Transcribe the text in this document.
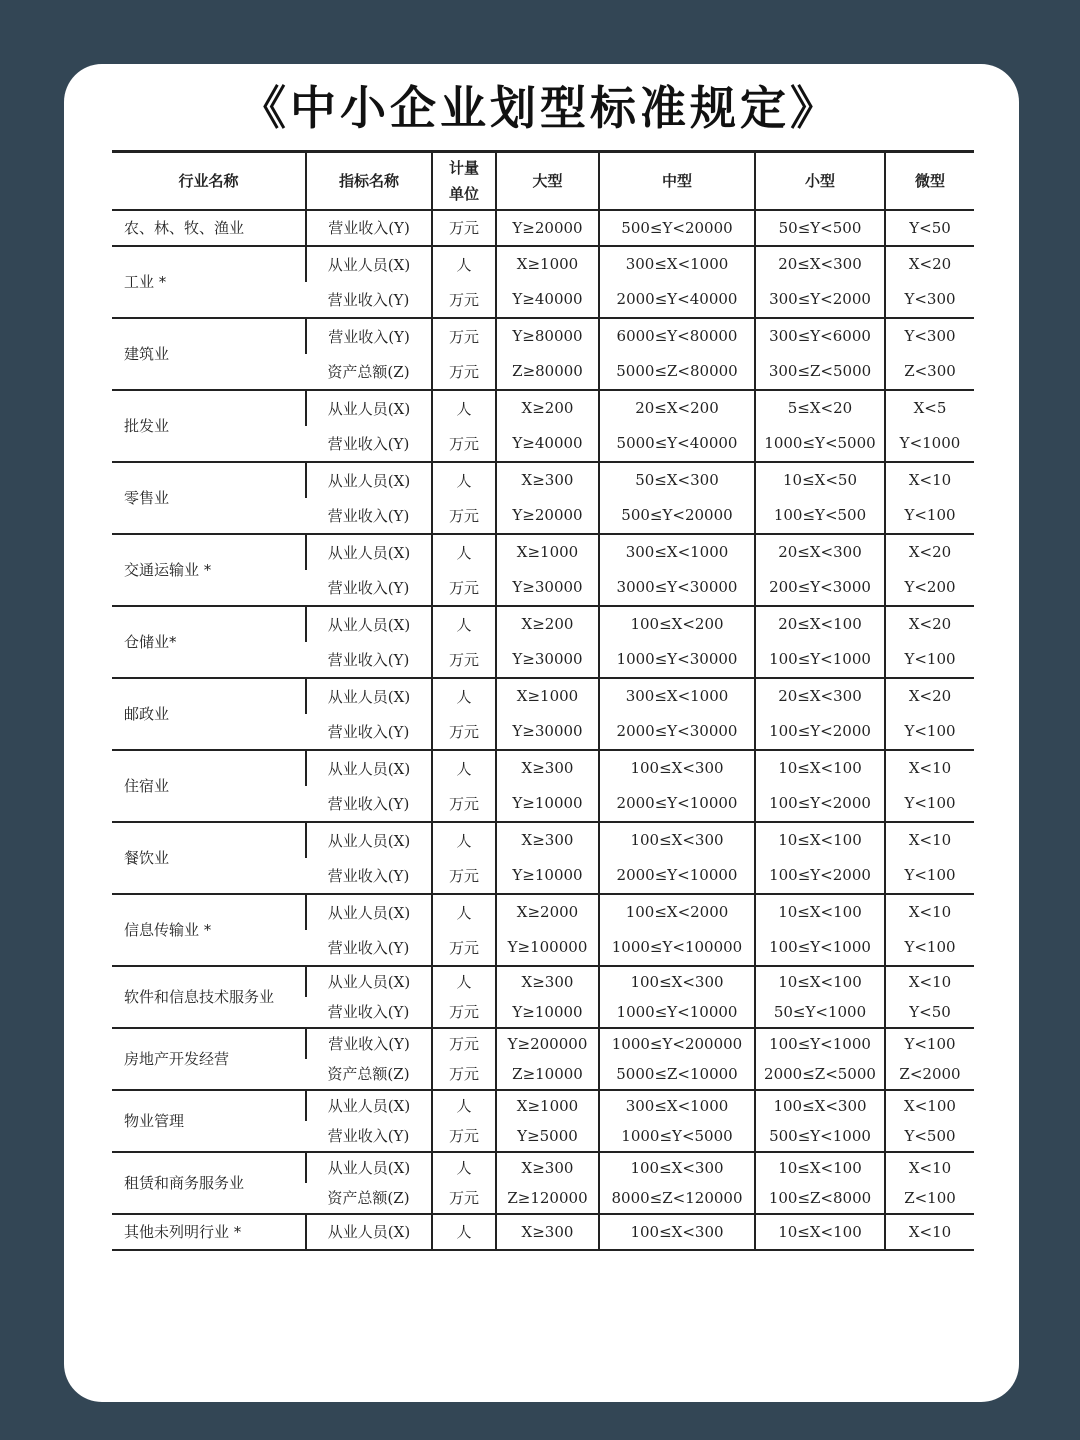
《中小企业划型标准规定》
行业名称	指标名称	计量单位	大型	中型	小型	微型
农、林、牧、渔业	营业收入(Y)	万元	Y≥20000	500≤Y<20000	50≤Y<500	Y<50
工业 *	从业人员(X)	人	X≥1000	300≤X<1000	20≤X<300	X<20
	营业收入(Y)	万元	Y≥40000	2000≤Y<40000	300≤Y<2000	Y<300
建筑业	营业收入(Y)	万元	Y≥80000	6000≤Y<80000	300≤Y<6000	Y<300
	资产总额(Z)	万元	Z≥80000	5000≤Z<80000	300≤Z<5000	Z<300
批发业	从业人员(X)	人	X≥200	20≤X<200	5≤X<20	X<5
	营业收入(Y)	万元	Y≥40000	5000≤Y<40000	1000≤Y<5000	Y<1000
零售业	从业人员(X)	人	X≥300	50≤X<300	10≤X<50	X<10
	营业收入(Y)	万元	Y≥20000	500≤Y<20000	100≤Y<500	Y<100
交通运输业 *	从业人员(X)	人	X≥1000	300≤X<1000	20≤X<300	X<20
	营业收入(Y)	万元	Y≥30000	3000≤Y<30000	200≤Y<3000	Y<200
仓储业*	从业人员(X)	人	X≥200	100≤X<200	20≤X<100	X<20
	营业收入(Y)	万元	Y≥30000	1000≤Y<30000	100≤Y<1000	Y<100
邮政业	从业人员(X)	人	X≥1000	300≤X<1000	20≤X<300	X<20
	营业收入(Y)	万元	Y≥30000	2000≤Y<30000	100≤Y<2000	Y<100
住宿业	从业人员(X)	人	X≥300	100≤X<300	10≤X<100	X<10
	营业收入(Y)	万元	Y≥10000	2000≤Y<10000	100≤Y<2000	Y<100
餐饮业	从业人员(X)	人	X≥300	100≤X<300	10≤X<100	X<10
	营业收入(Y)	万元	Y≥10000	2000≤Y<10000	100≤Y<2000	Y<100
信息传输业 *	从业人员(X)	人	X≥2000	100≤X<2000	10≤X<100	X<10
	营业收入(Y)	万元	Y≥100000	1000≤Y<100000	100≤Y<1000	Y<100
软件和信息技术服务业	从业人员(X)	人	X≥300	100≤X<300	10≤X<100	X<10
	营业收入(Y)	万元	Y≥10000	1000≤Y<10000	50≤Y<1000	Y<50
房地产开发经营	营业收入(Y)	万元	Y≥200000	1000≤Y<200000	100≤Y<1000	Y<100
	资产总额(Z)	万元	Z≥10000	5000≤Z<10000	2000≤Z<5000	Z<2000
物业管理	从业人员(X)	人	X≥1000	300≤X<1000	100≤X<300	X<100
	营业收入(Y)	万元	Y≥5000	1000≤Y<5000	500≤Y<1000	Y<500
租赁和商务服务业	从业人员(X)	人	X≥300	100≤X<300	10≤X<100	X<10
	资产总额(Z)	万元	Z≥120000	8000≤Z<120000	100≤Z<8000	Z<100
其他未列明行业 *	从业人员(X)	人	X≥300	100≤X<300	10≤X<100	X<10
